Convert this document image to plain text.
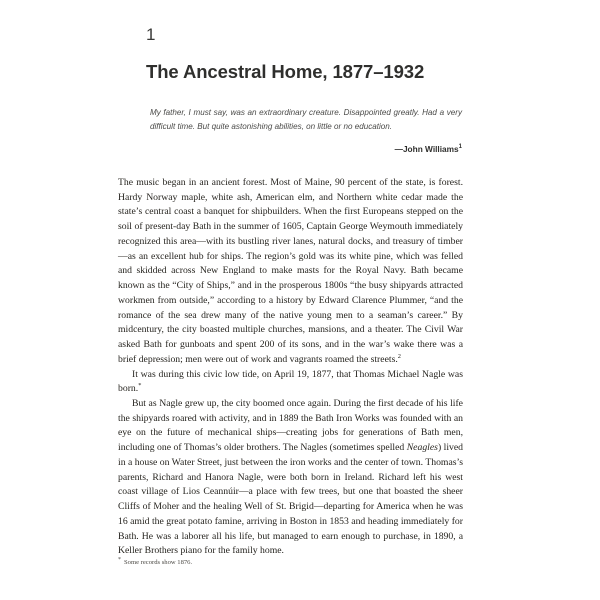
1
The Ancestral Home, 1877–1932
My father, I must say, was an extraordinary creature. Disappointed greatly. Had a very difficult time. But quite astonishing abilities, on little or no education.
—John Williams$^1$

The music began in an ancient forest. Most of Maine, 90 percent of the state, is forest. Hardy Norway maple, white ash, American elm, and Northern white cedar made the state’s central coast a banquet for shipbuilders. When the first Europeans stepped on the soil of present-day Bath in the summer of 1605, Captain George Weymouth immediately recognized this area—with its bustling river lanes, natural docks, and treasury of timber—as an excellent hub for ships. The region’s gold was its white pine, which was felled and skidded across New England to make masts for the Royal Navy. Bath became known as the “City of Ships,” and in the prosperous 1800s “the busy shipyards attracted workmen from outside,” according to a history by Edward Clarence Plummer, “and the romance of the sea drew many of the native young men to a seaman’s career.” By midcentury, the city boasted multiple churches, mansions, and a theater. The Civil War asked Bath for gunboats and spent 200 of its sons, and in the war’s wake there was a brief depression; men were out of work and vagrants roamed the streets.$^2$

It was during this civic low tide, on April 19, 1877, that Thomas Michael Nagle was born.*

But as Nagle grew up, the city boomed once again. During the first decade of his life the shipyards roared with activity, and in 1889 the Bath Iron Works was founded with an eye on the future of mechanical ships—creating jobs for generations of Bath men, including one of Thomas’s older brothers. The Nagles (sometimes spelled Neagles) lived in a house on Water Street, just between the iron works and the center of town. Thomas’s parents, Richard and Hanora Nagle, were both born in Ireland. Richard left his west coast village of Lios Ceannúir—a place with few trees, but one that boasted the sheer Cliffs of Moher and the healing Well of St. Brigid—departing for America when he was 16 amid the great potato famine, arriving in Boston in 1853 and heading immediately for Bath. He was a laborer all his life, but managed to earn enough to purchase, in 1890, a Keller Brothers piano for the family home.

* Some records show 1876.
